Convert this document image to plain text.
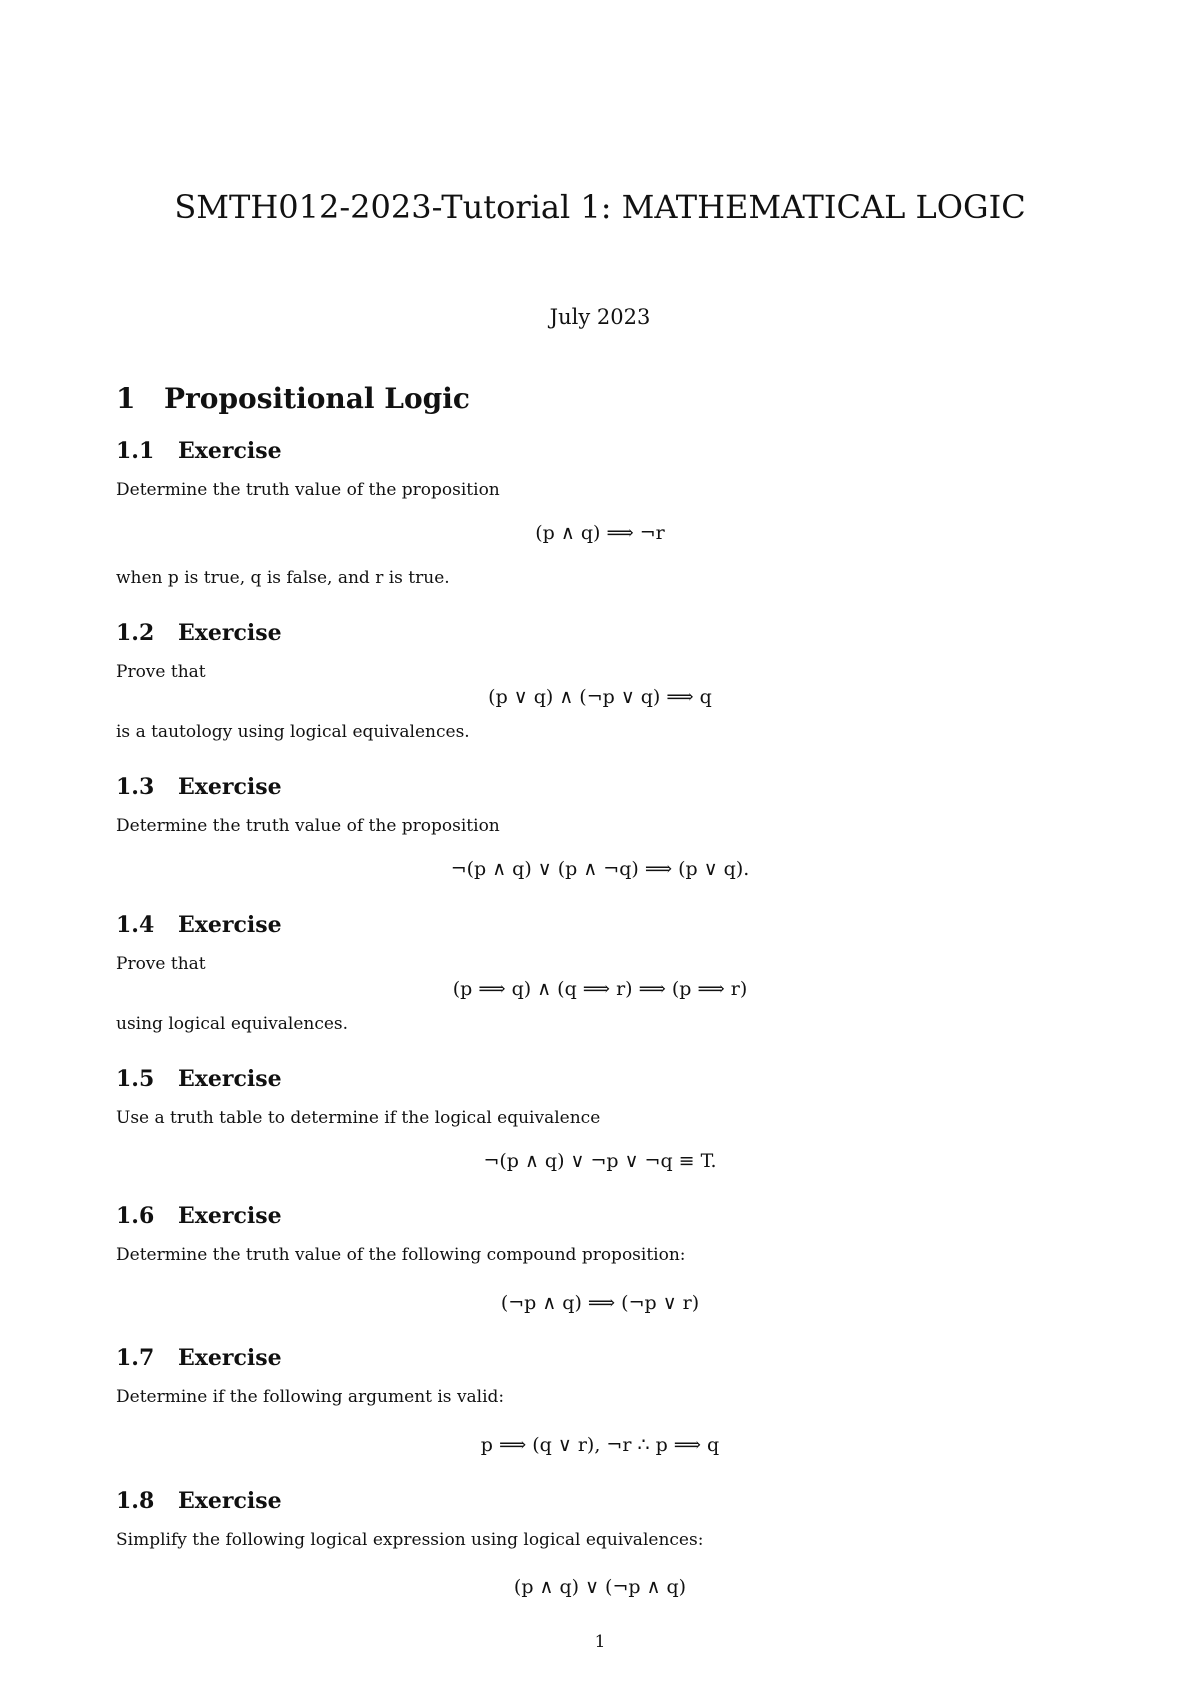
SMTH012-2023-Tutorial 1: MATHEMATICAL LOGIC
July 2023
1 Propositional Logic
1.1 Exercise
Determine the truth value of the proposition
(p ∧ q) ⟹ ¬r
when p is true, q is false, and r is true.
1.2 Exercise
Prove that
(p ∨ q) ∧ (¬p ∨ q) ⟹ q
is a tautology using logical equivalences.
1.3 Exercise
Determine the truth value of the proposition
¬(p ∧ q) ∨ (p ∧ ¬q) ⟹ (p ∨ q).
1.4 Exercise
Prove that
(p ⟹ q) ∧ (q ⟹ r) ⟹ (p ⟹ r)
using logical equivalences.
1.5 Exercise
Use a truth table to determine if the logical equivalence
¬(p ∧ q) ∨ ¬p ∨ ¬q ≡ T.
1.6 Exercise
Determine the truth value of the following compound proposition:
(¬p ∧ q) ⟹ (¬p ∨ r)
1.7 Exercise
Determine if the following argument is valid:
p ⟹ (q ∨ r), ¬r ∴ p ⟹ q
1.8 Exercise
Simplify the following logical expression using logical equivalences:
(p ∧ q) ∨ (¬p ∧ q)
1
